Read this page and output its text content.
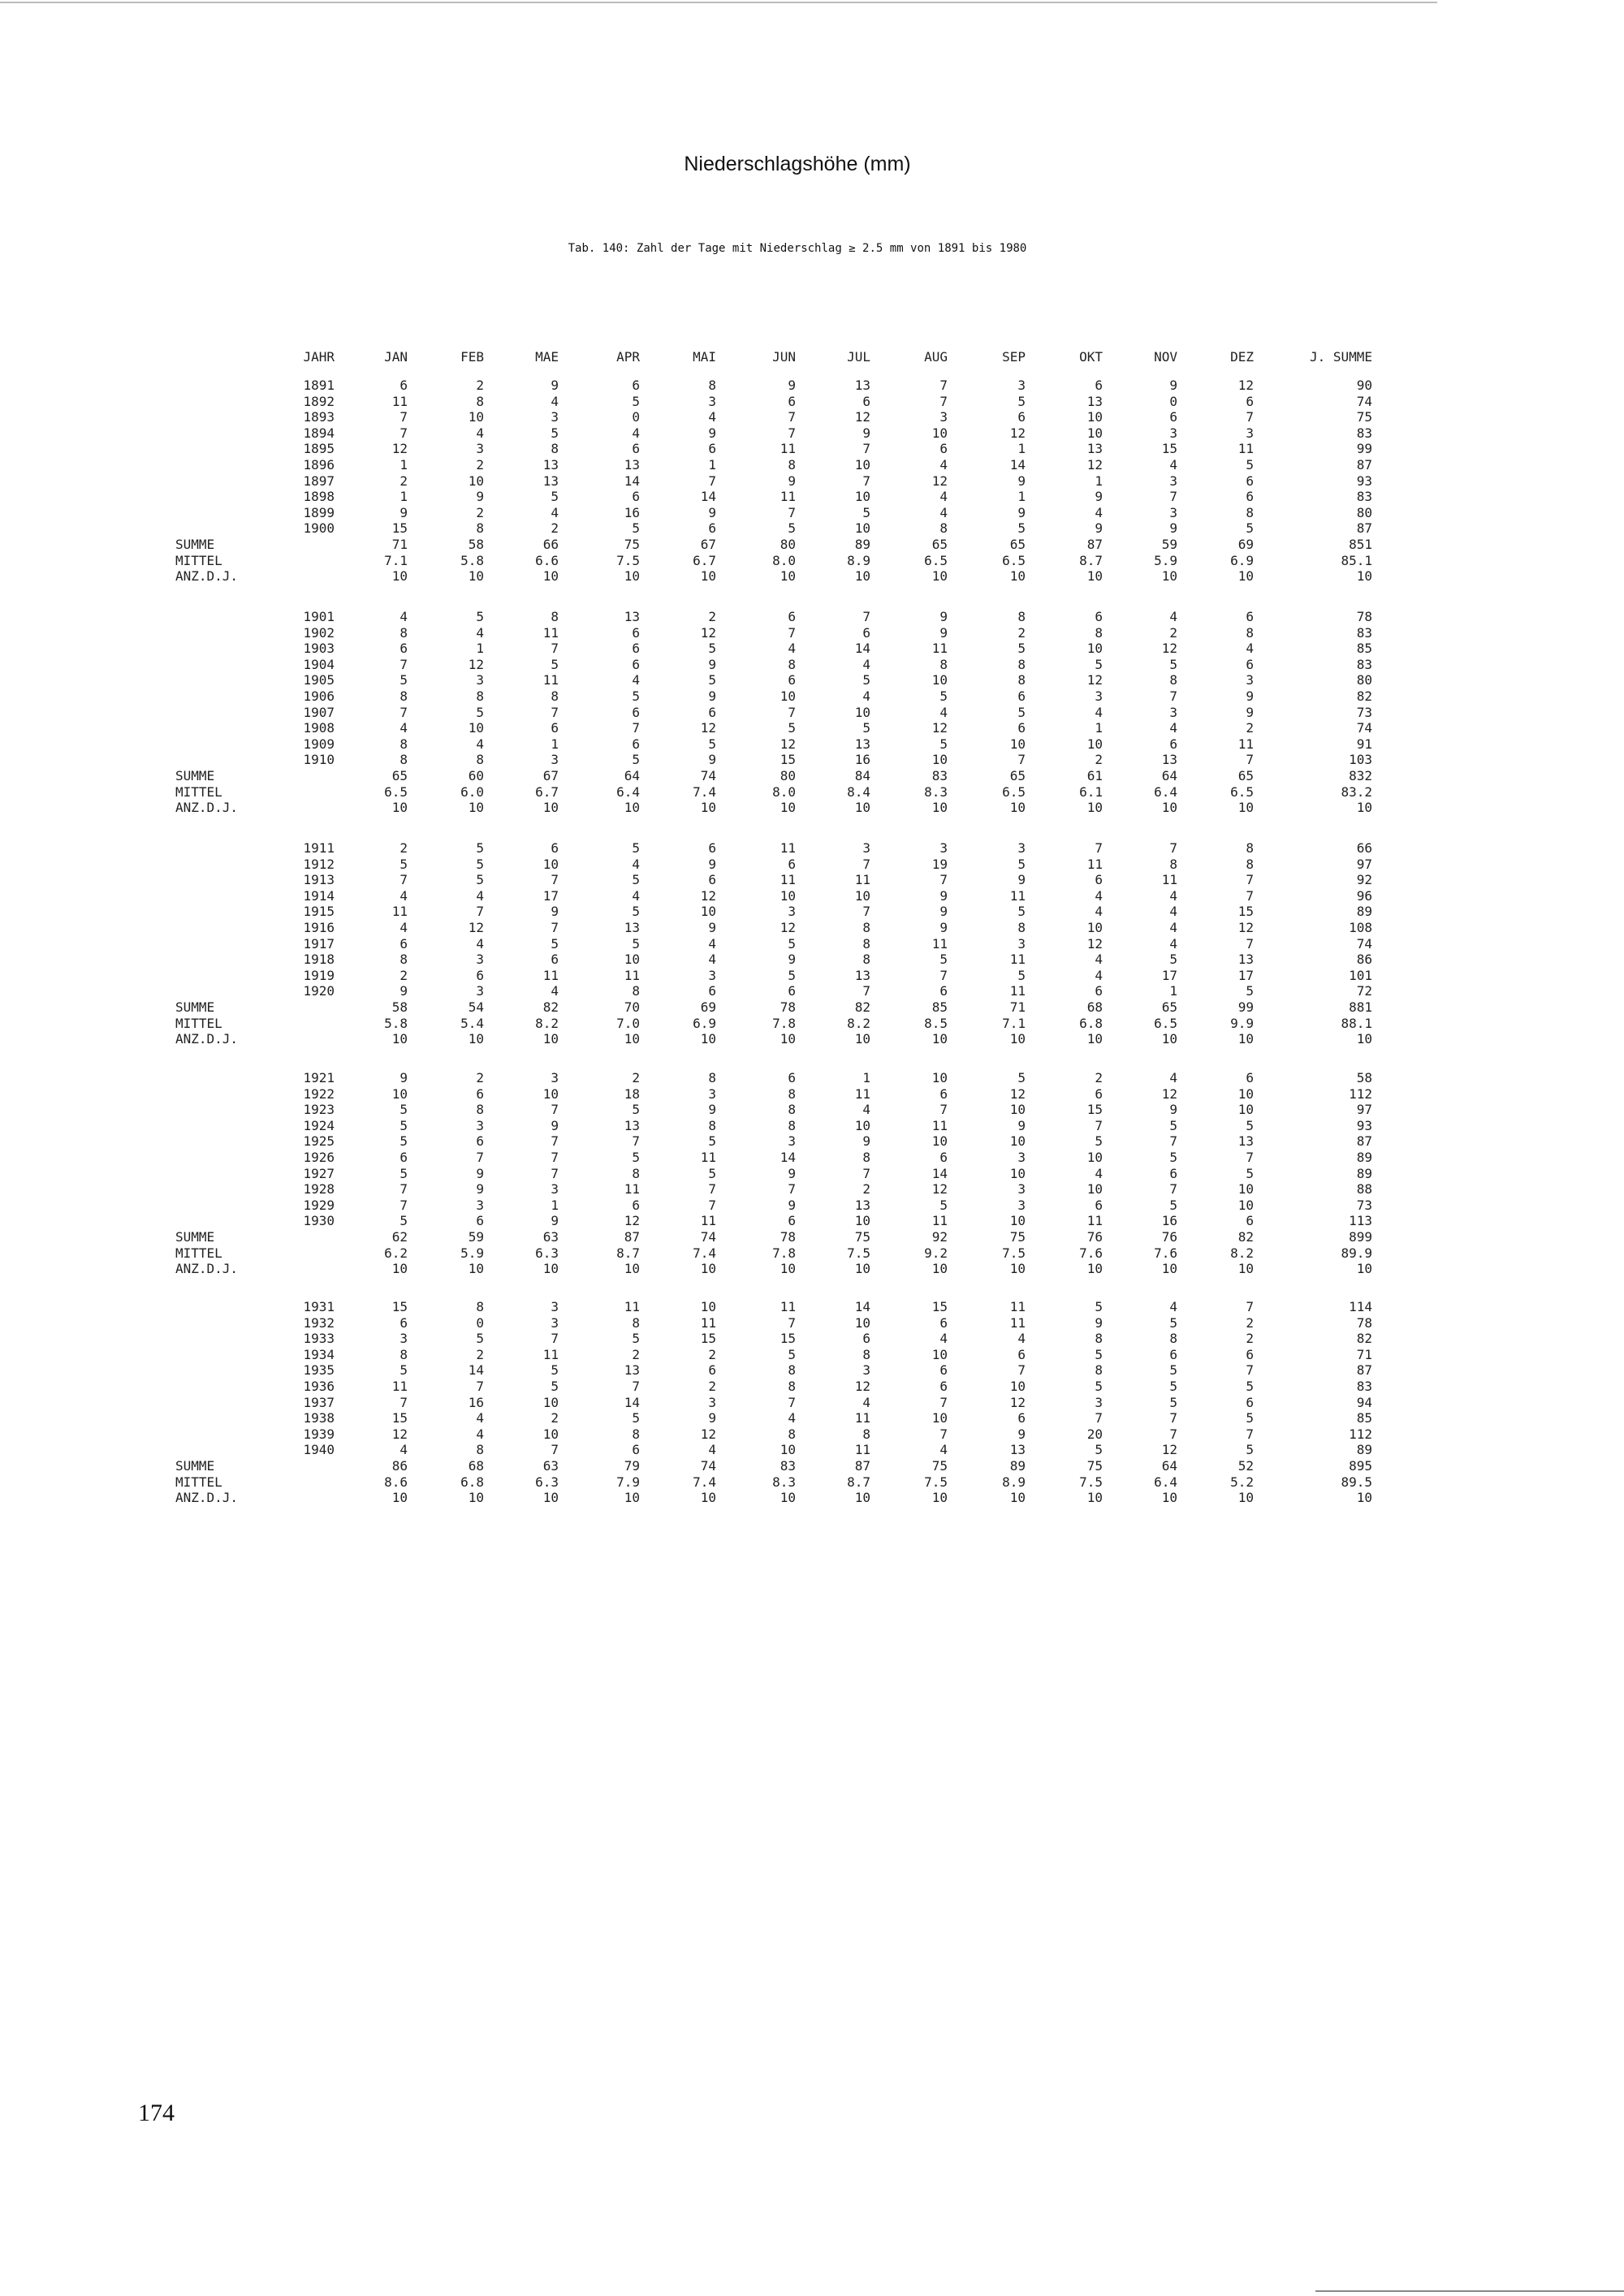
Niederschlagshöhe (mm)
Tab. 140: Zahl der Tage mit Niederschlag ≥ 2.5 mm von 1891 bis 1980
JAHR	JAN	FEB	MAE	APR	MAI	JUN	JUL	AUG	SEP	OKT	NOV	DEZ	J. SUMME
1891	6	2	9	6	8	9	13	7	3	6	9	12	90
1892	11	8	4	5	3	6	6	7	5	13	0	6	74
1893	7	10	3	0	4	7	12	3	6	10	6	7	75
1894	7	4	5	4	9	7	9	10	12	10	3	3	83
1895	12	3	8	6	6	11	7	6	1	13	15	11	99
1896	1	2	13	13	1	8	10	4	14	12	4	5	87
1897	2	10	13	14	7	9	7	12	9	1	3	6	93
1898	1	9	5	6	14	11	10	4	1	9	7	6	83
1899	9	2	4	16	9	7	5	4	9	4	3	8	80
1900	15	8	2	5	6	5	10	8	5	9	9	5	87
SUMME	71	58	66	75	67	80	89	65	65	87	59	69	851
MITTEL	7.1	5.8	6.6	7.5	6.7	8.0	8.9	6.5	6.5	8.7	5.9	6.9	85.1
ANZ.D.J.	10	10	10	10	10	10	10	10	10	10	10	10	10
1901	4	5	8	13	2	6	7	9	8	6	4	6	78
1902	8	4	11	6	12	7	6	9	2	8	2	8	83
1903	6	1	7	6	5	4	14	11	5	10	12	4	85
1904	7	12	5	6	9	8	4	8	8	5	5	6	83
1905	5	3	11	4	5	6	5	10	8	12	8	3	80
1906	8	8	8	5	9	10	4	5	6	3	7	9	82
1907	7	5	7	6	6	7	10	4	5	4	3	9	73
1908	4	10	6	7	12	5	5	12	6	1	4	2	74
1909	8	4	1	6	5	12	13	5	10	10	6	11	91
1910	8	8	3	5	9	15	16	10	7	2	13	7	103
SUMME	65	60	67	64	74	80	84	83	65	61	64	65	832
MITTEL	6.5	6.0	6.7	6.4	7.4	8.0	8.4	8.3	6.5	6.1	6.4	6.5	83.2
ANZ.D.J.	10	10	10	10	10	10	10	10	10	10	10	10	10
1911	2	5	6	5	6	11	3	3	3	7	7	8	66
1912	5	5	10	4	9	6	7	19	5	11	8	8	97
1913	7	5	7	5	6	11	11	7	9	6	11	7	92
1914	4	4	17	4	12	10	10	9	11	4	4	7	96
1915	11	7	9	5	10	3	7	9	5	4	4	15	89
1916	4	12	7	13	9	12	8	9	8	10	4	12	108
1917	6	4	5	5	4	5	8	11	3	12	4	7	74
1918	8	3	6	10	4	9	8	5	11	4	5	13	86
1919	2	6	11	11	3	5	13	7	5	4	17	17	101
1920	9	3	4	8	6	6	7	6	11	6	1	5	72
SUMME	58	54	82	70	69	78	82	85	71	68	65	99	881
MITTEL	5.8	5.4	8.2	7.0	6.9	7.8	8.2	8.5	7.1	6.8	6.5	9.9	88.1
ANZ.D.J.	10	10	10	10	10	10	10	10	10	10	10	10	10
1921	9	2	3	2	8	6	1	10	5	2	4	6	58
1922	10	6	10	18	3	8	11	6	12	6	12	10	112
1923	5	8	7	5	9	8	4	7	10	15	9	10	97
1924	5	3	9	13	8	8	10	11	9	7	5	5	93
1925	5	6	7	7	5	3	9	10	10	5	7	13	87
1926	6	7	7	5	11	14	8	6	3	10	5	7	89
1927	5	9	7	8	5	9	7	14	10	4	6	5	89
1928	7	9	3	11	7	7	2	12	3	10	7	10	88
1929	7	3	1	6	7	9	13	5	3	6	5	10	73
1930	5	6	9	12	11	6	10	11	10	11	16	6	113
SUMME	62	59	63	87	74	78	75	92	75	76	76	82	899
MITTEL	6.2	5.9	6.3	8.7	7.4	7.8	7.5	9.2	7.5	7.6	7.6	8.2	89.9
ANZ.D.J.	10	10	10	10	10	10	10	10	10	10	10	10	10
1931	15	8	3	11	10	11	14	15	11	5	4	7	114
1932	6	0	3	8	11	7	10	6	11	9	5	2	78
1933	3	5	7	5	15	15	6	4	4	8	8	2	82
1934	8	2	11	2	2	5	8	10	6	5	6	6	71
1935	5	14	5	13	6	8	3	6	7	8	5	7	87
1936	11	7	5	7	2	8	12	6	10	5	5	5	83
1937	7	16	10	14	3	7	4	7	12	3	5	6	94
1938	15	4	2	5	9	4	11	10	6	7	7	5	85
1939	12	4	10	8	12	8	8	7	9	20	7	7	112
1940	4	8	7	6	4	10	11	4	13	5	12	5	89
SUMME	86	68	63	79	74	83	87	75	89	75	64	52	895
MITTEL	8.6	6.8	6.3	7.9	7.4	8.3	8.7	7.5	8.9	7.5	6.4	5.2	89.5
ANZ.D.J.	10	10	10	10	10	10	10	10	10	10	10	10	10
174
